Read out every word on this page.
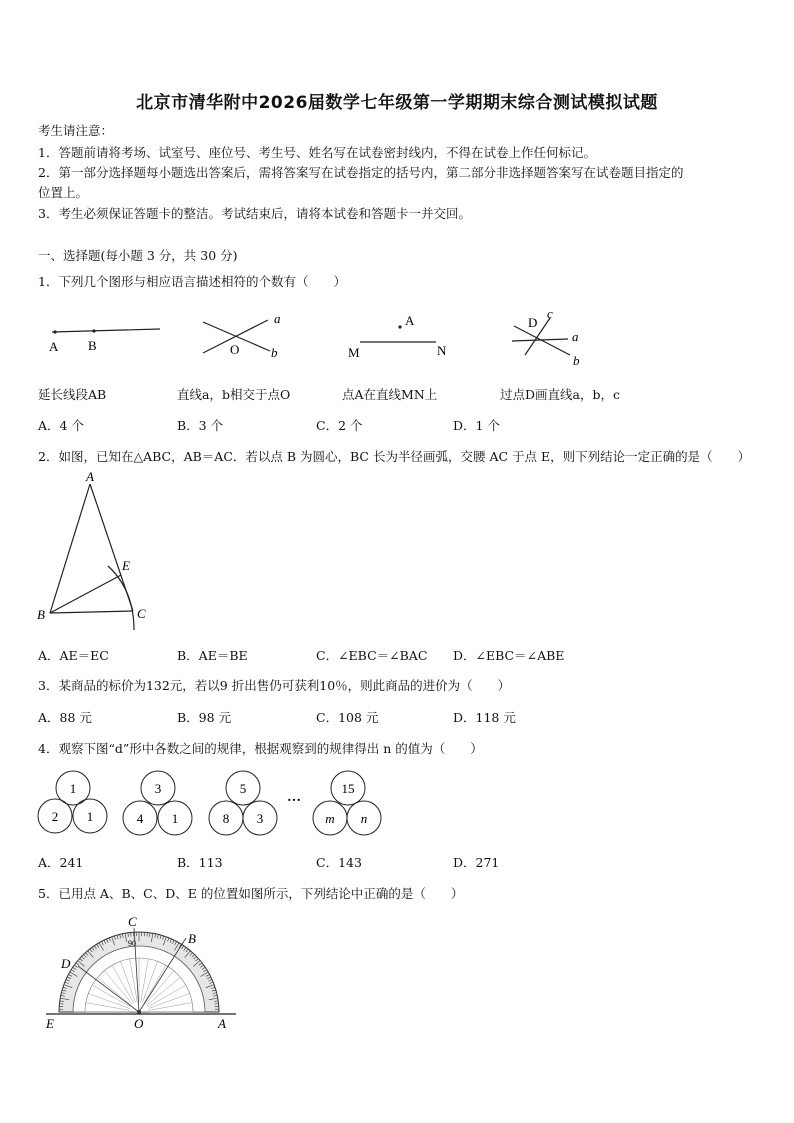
北京市清华附中2026届数学七年级第一学期期末综合测试模拟试题
考生请注意：
1．答题前请将考场、试室号、座位号、考生号、姓名写在试卷密封线内，不得在试卷上作任何标记。
2．第一部分选择题每小题选出答案后，需将答案写在试卷指定的括号内，第二部分非选择题答案写在试卷题目指定的
位置上。
3．考生必须保证答题卡的整洁。考试结束后，请将本试卷和答题卡一并交回。
一、选择题(每小题 3 分，共 30 分)
1．下列几个图形与相应语言描述相符的个数有（　　）
A B
a
O b
A
M	N
D
c
a
b
延长线段AB	直线a，b相交于点O	点A在直线MN上	过点D画直线a，b，c
A．4 个	B．3 个	C．2 个	D．1 个
2．如图，已知在△ABC，AB＝AC．若以点 B 为圆心，BC 长为半径画弧，交腰 AC 于点 E，则下列结论一定正确的是（　　）
A
E
B	C
A．AE＝EC	B．AE＝BE	C．∠EBC＝∠BAC D．∠EBC＝∠ABE
3．某商品的标价为132元，若以9 折出售仍可获利10％，则此商品的进价为（　　）
A．88 元	B．98 元	C．108 元	D．118 元
4．观察下图“d”形中各数之间的规律，根据观察到的规律得出 n 的值为（　　）
1
2 1
3
4 1
5
8 3
…
15
m n
A．241	B．113	C．143	D．271
5．已用点 A、B、C、D、E 的位置如图所示，下列结论中正确的是（　　）
90
C
B
D
E	O	A
